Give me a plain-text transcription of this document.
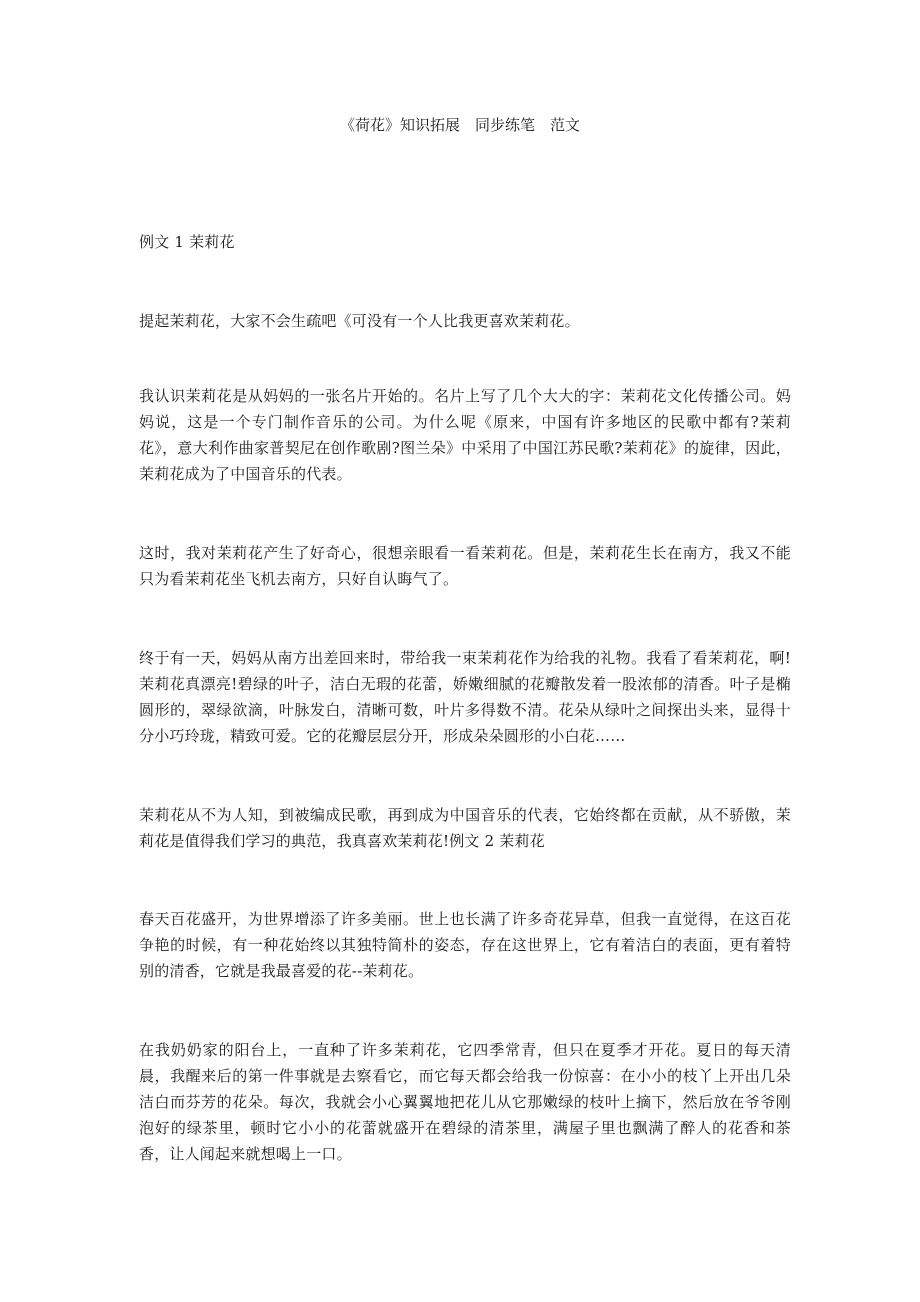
《荷花》知识拓展　同步练笔　范文

例文 1 茉莉花

提起茉莉花，大家不会生疏吧《可没有一个人比我更喜欢茉莉花。

我认识茉莉花是从妈妈的一张名片开始的。名片上写了几个大大的字：茉莉花文化传播公司。妈妈说，这是一个专门制作音乐的公司。为什么呢《原来，中国有许多地区的民歌中都有?茉莉花》，意大利作曲家普契尼在创作歌剧?图兰朵》中采用了中国江苏民歌?茉莉花》的旋律，因此，茉莉花成为了中国音乐的代表。

这时，我对茉莉花产生了好奇心，很想亲眼看一看茉莉花。但是，茉莉花生长在南方，我又不能只为看茉莉花坐飞机去南方，只好自认晦气了。

终于有一天，妈妈从南方出差回来时，带给我一束茉莉花作为给我的礼物。我看了看茉莉花，啊!茉莉花真漂亮!碧绿的叶子，洁白无瑕的花蕾，娇嫩细腻的花瓣散发着一股浓郁的清香。叶子是椭圆形的，翠绿欲滴，叶脉发白，清晰可数，叶片多得数不清。花朵从绿叶之间探出头来，显得十分小巧玲珑，精致可爱。它的花瓣层层分开，形成朵朵圆形的小白花……

茉莉花从不为人知，到被编成民歌，再到成为中国音乐的代表，它始终都在贡献，从不骄傲，茉莉花是值得我们学习的典范，我真喜欢茉莉花!例文 2 茉莉花

春天百花盛开，为世界增添了许多美丽。世上也长满了许多奇花异草，但我一直觉得，在这百花争艳的时候，有一种花始终以其独特简朴的姿态，存在这世界上，它有着洁白的表面，更有着特别的清香，它就是我最喜爱的花--茉莉花。

在我奶奶家的阳台上，一直种了许多茉莉花，它四季常青，但只在夏季才开花。夏日的每天清晨，我醒来后的第一件事就是去察看它，而它每天都会给我一份惊喜：在小小的枝丫上开出几朵洁白而芬芳的花朵。每次，我就会小心翼翼地把花儿从它那嫩绿的枝叶上摘下，然后放在爷爷刚泡好的绿茶里，顿时它小小的花蕾就盛开在碧绿的清茶里，满屋子里也飘满了醉人的花香和茶香，让人闻起来就想喝上一口。
